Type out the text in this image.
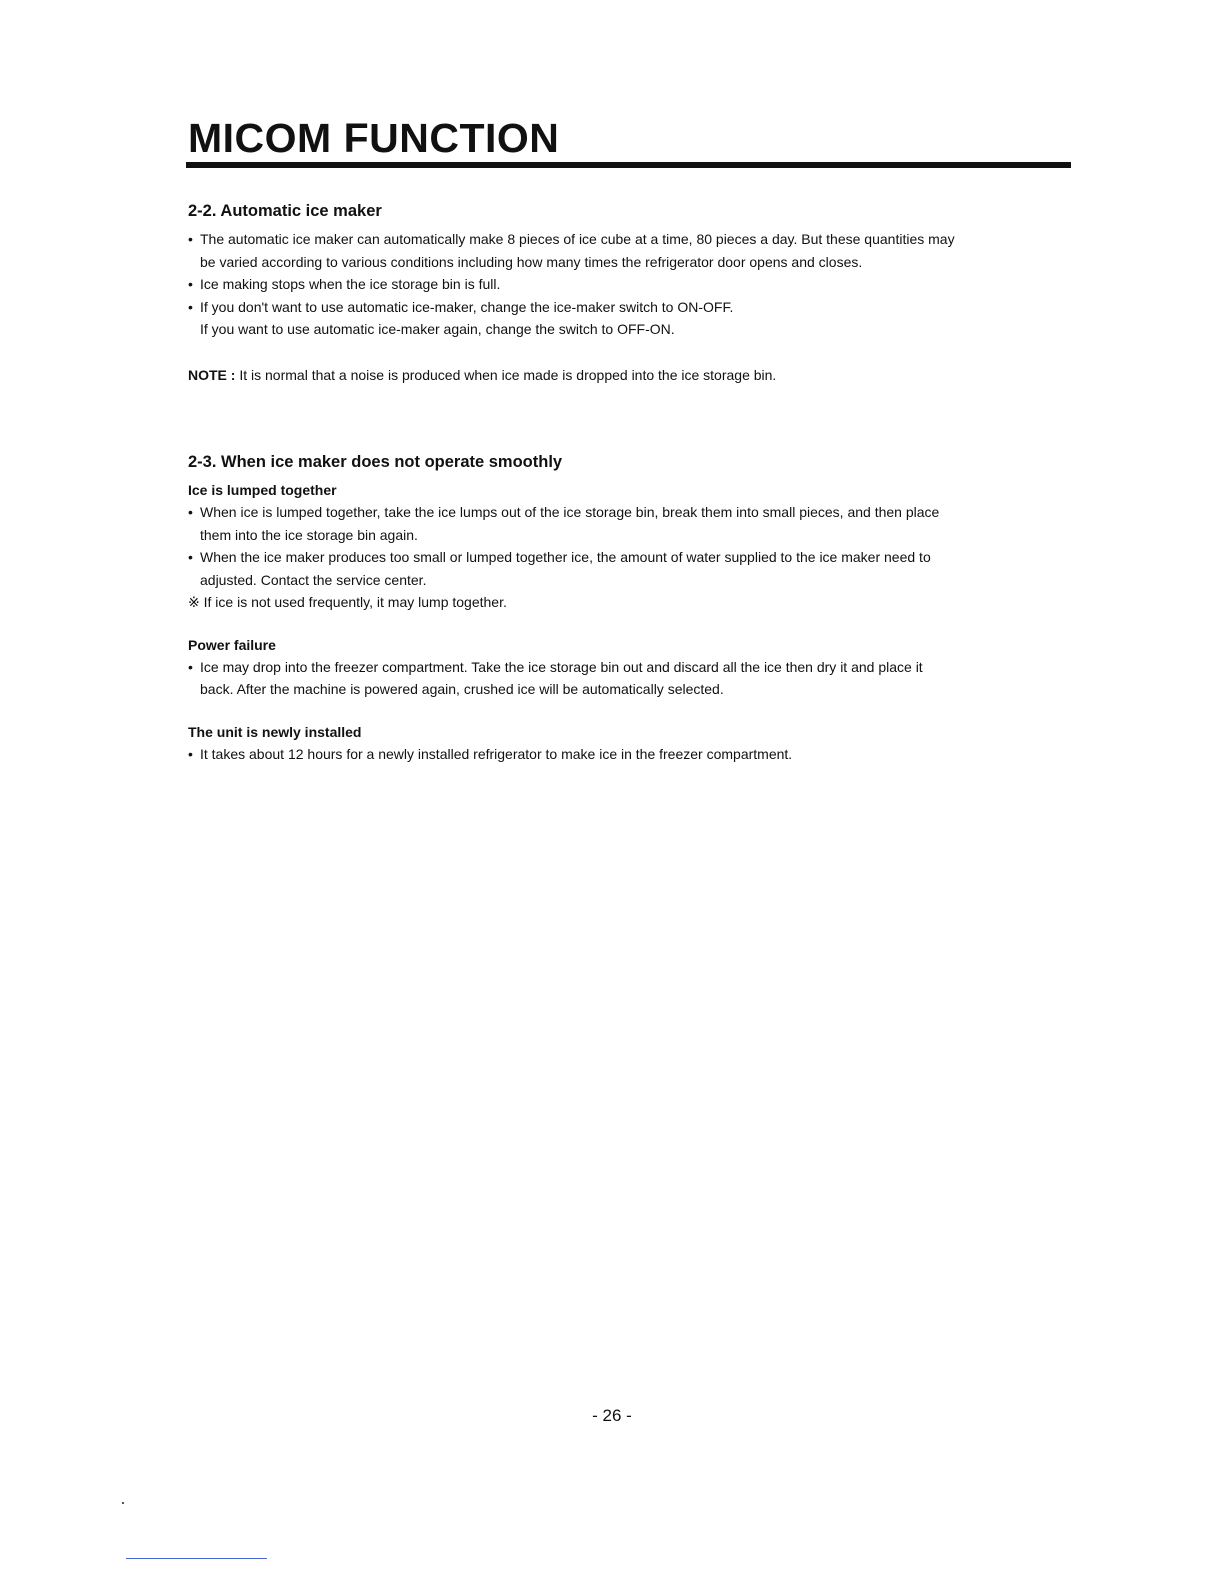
MICOM FUNCTION
2-2. Automatic ice maker

• The automatic ice maker can automatically make 8 pieces of ice cube at a time, 80 pieces a day. But these quantities may

be varied according to various conditions including how many times the refrigerator door opens and closes.

• Ice making stops when the ice storage bin is full.

• If you don't want to use automatic ice-maker, change the ice-maker switch to ON-OFF.

If you want to use automatic ice-maker again, change the switch to OFF-ON.

NOTE : It is normal that a noise is produced when ice made is dropped into the ice storage bin.

2-3. When ice maker does not operate smoothly
Ice is lumped together

• When ice is lumped together, take the ice lumps out of the ice storage bin, break them into small pieces, and then place

them into the ice storage bin again.

• When the ice maker produces too small or lumped together ice, the amount of water supplied to the ice maker need to

adjusted. Contact the service center.

※ If ice is not used frequently, it may lump together.

Power failure

• Ice may drop into the freezer compartment. Take the ice storage bin out and discard all the ice then dry it and place it

back. After the machine is powered again, crushed ice will be automatically selected.

The unit is newly installed

• It takes about 12 hours for a newly installed refrigerator to make ice in the freezer compartment.

- 26 -
